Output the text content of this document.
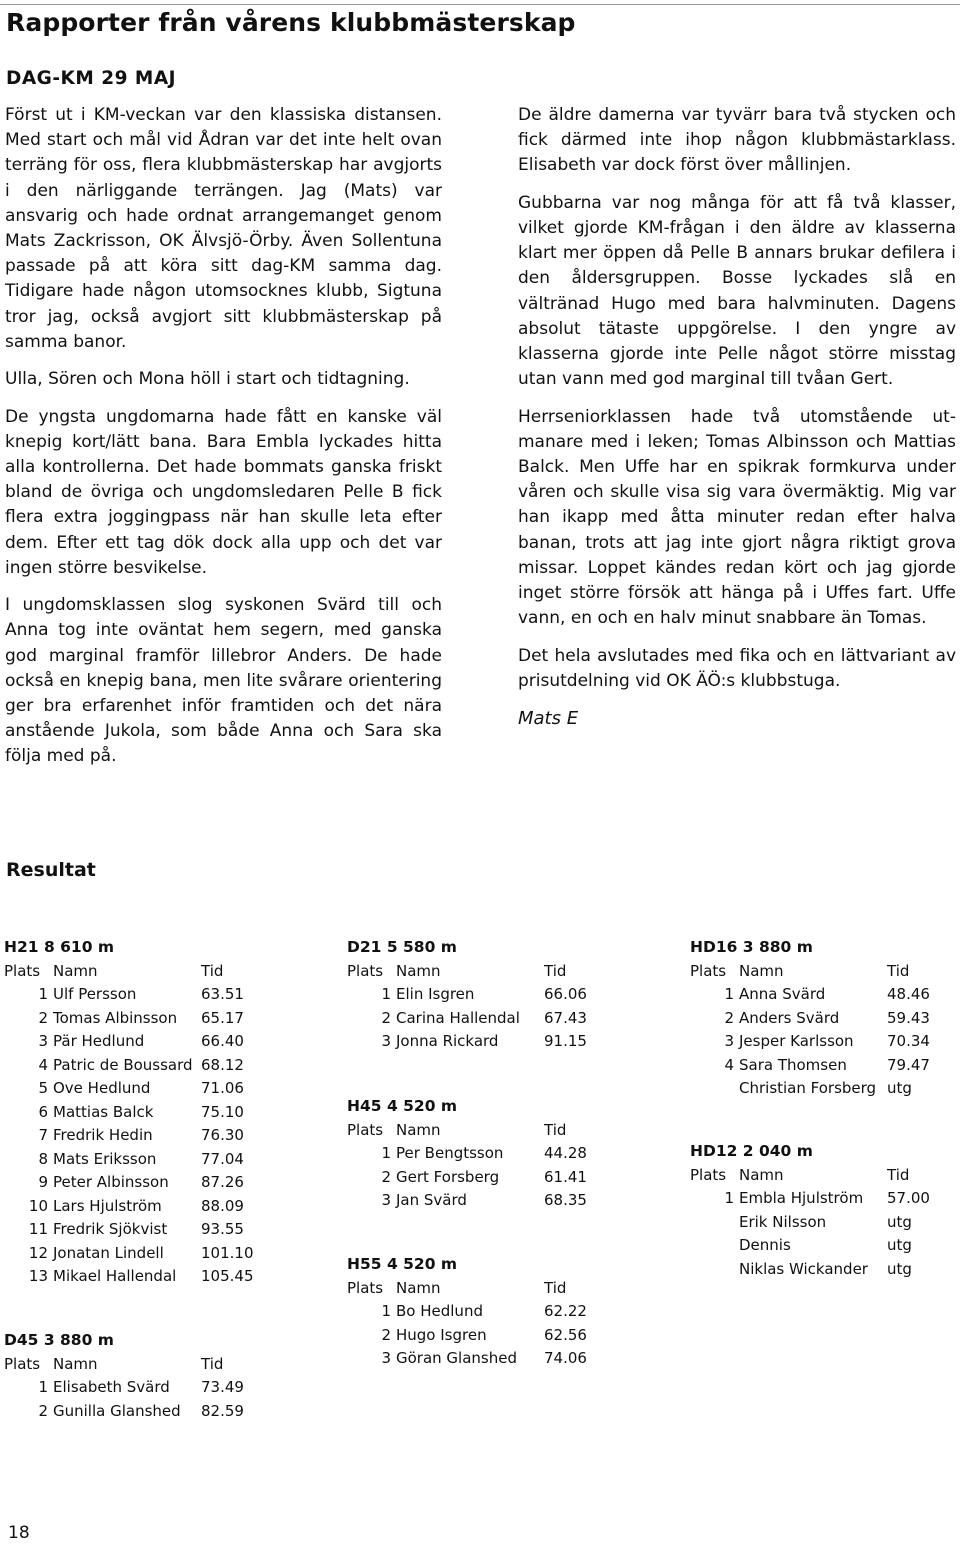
Rapporter från vårens klubbmästerskap
DAG-KM 29 MAJ

Först ut i KM-veckan var den klassiska distansen. Med start och mål vid Ådran var det inte helt ovan terräng för oss, flera klubbmästerskap har avgjorts i den närliggande terrängen. Jag (Mats) var ansvarig och hade ordnat arrangemanget genom Mats Zackrisson, OK Älvsjö-Örby. Även Sollentuna passade på att köra sitt dag-KM samma dag. Tidigare hade någon utomsocknes klubb, Sigtuna tror jag, också avgjort sitt klubbmästerskap på samma banor.

Ulla, Sören och Mona höll i start och tidtagning.

De yngsta ungdomarna hade fått en kanske väl knepig kort/lätt bana. Bara Embla lyckades hitta alla kontrollerna. Det hade bommats ganska friskt bland de övriga och ungdomsledaren Pelle B fick flera extra joggingpass när han skulle leta efter dem. Efter ett tag dök dock alla upp och det var ingen större besvikelse.

I ungdomsklassen slog syskonen Svärd till och Anna tog inte oväntat hem segern, med ganska god marginal framför lillebror Anders. De hade också en knepig bana, men lite svårare orientering ger bra erfarenhet inför framtiden och det nära anstående Jukola, som både Anna och Sara ska följa med på.

Resultat

De äldre damerna var tyvärr bara två stycken och fick därmed inte ihop någon klubbmästarklass. Elisabeth var dock först över mållinjen.

Gubbarna var nog många för att få två klasser, vilket gjorde KM-frågan i den äldre av klasserna klart mer öppen då Pelle B annars brukar defilera i den åldersgruppen. Bosse lyckades slå en vältränad Hugo med bara halvminuten. Dagens absolut tätaste uppgörelse. I den yngre av klasserna gjorde inte Pelle något större misstag utan vann med god marginal till tvåan Gert.

Herrseniorklassen hade två utomstående utmanare med i leken; Tomas Albinsson och Mattias Balck. Men Uffe har en spikrak formkurva under våren och skulle visa sig vara övermäktig. Mig var han ikapp med åtta minuter redan efter halva banan, trots att jag inte gjort några riktigt grova missar. Loppet kändes redan kört och jag gjorde inget större försök att hänga på i Uffes fart. Uffe vann, en och en halv minut snabbare än Tomas.

Det hela avslutades med fika och en lättvariant av prisutdelning vid OK ÄÖ:s klubbstuga.

Mats E
H21 8 610 m
Plats	Namn	Tid
1	Ulf Persson	63.51
2	Tomas Albinsson	65.17
3	Pär Hedlund	66.40
4	Patric de Boussard	68.12
5	Ove Hedlund	71.06
6	Mattias Balck	75.10
7	Fredrik Hedin	76.30
8	Mats Eriksson	77.04
9	Peter Albinsson	87.26
10	Lars Hjulström	88.09
11	Fredrik Sjökvist	93.55
12	Jonatan Lindell	101.10
13	Mikael Hallendal	105.45
D45 3 880 m
Plats	Namn	Tid
1	Elisabeth Svärd	73.49
2	Gunilla Glanshed	82.59
D21 5 580 m
Plats	Namn	Tid
1	Elin Isgren	66.06
2	Carina Hallendal	67.43
3	Jonna Rickard	91.15
H45 4 520 m
Plats	Namn	Tid
1	Per Bengtsson	44.28
2	Gert Forsberg	61.41
3	Jan Svärd	68.35
H55 4 520 m
Plats	Namn	Tid
1	Bo Hedlund	62.22
2	Hugo Isgren	62.56
3	Göran Glanshed	74.06
HD16 3 880 m
Plats	Namn	Tid
1	Anna Svärd	48.46
2	Anders Svärd	59.43
3	Jesper Karlsson	70.34
4	Sara Thomsen	79.47
	Christian Forsberg	utg
HD12 2 040 m
Plats	Namn	Tid
1	Embla Hjulström	57.00
	Erik Nilsson	utg
	Dennis	utg
	Niklas Wickander	utg
18
